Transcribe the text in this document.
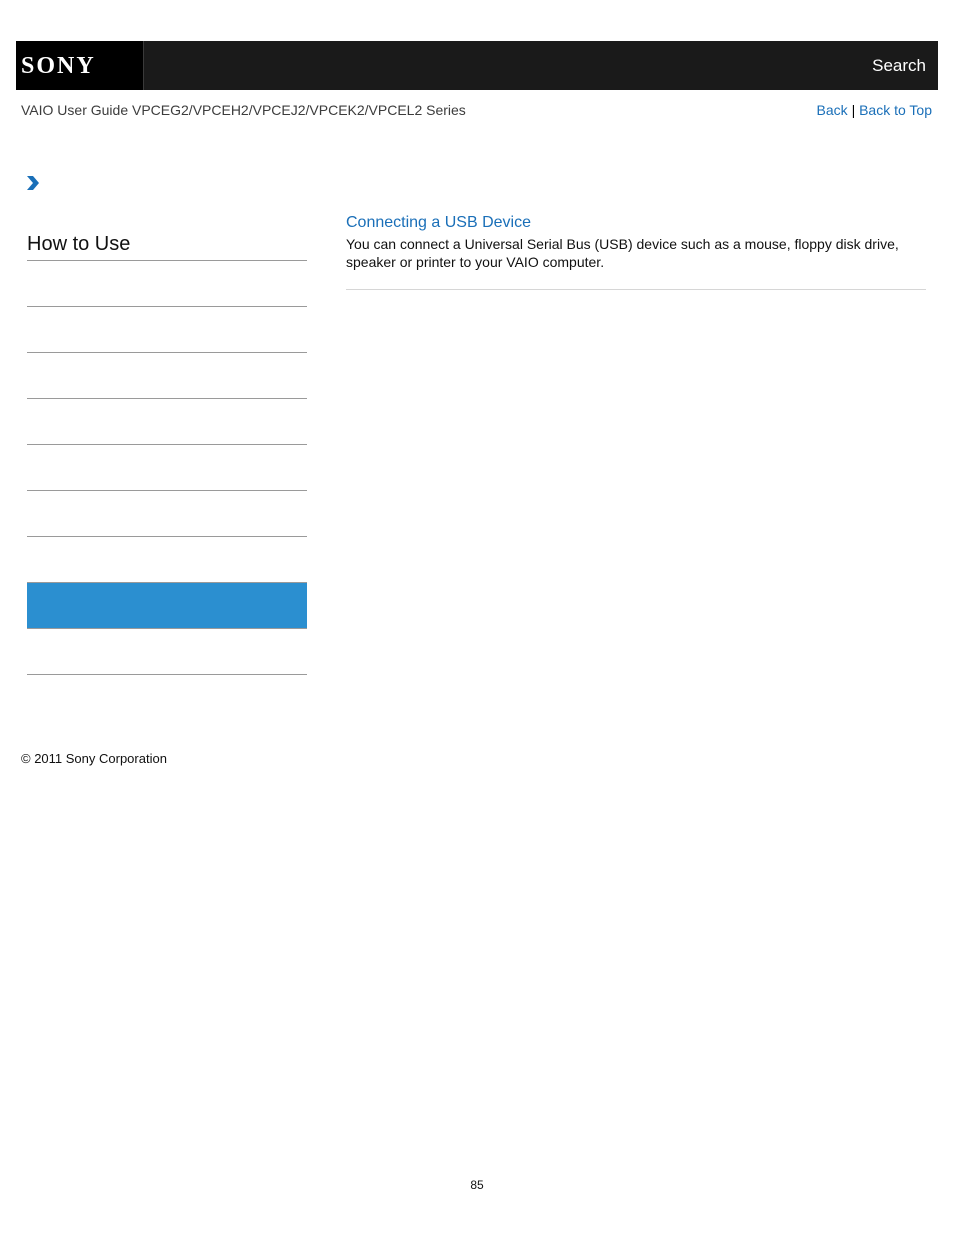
SONY	Search
VAIO User Guide VPCEG2/VPCEH2/VPCEJ2/VPCEK2/VPCEL2 Series	Back | Back to Top
How to Use
Connecting a USB Device
You can connect a Universal Serial Bus (USB) device such as a mouse, floppy disk drive, speaker or printer to your VAIO computer.
© 2011 Sony Corporation
85
